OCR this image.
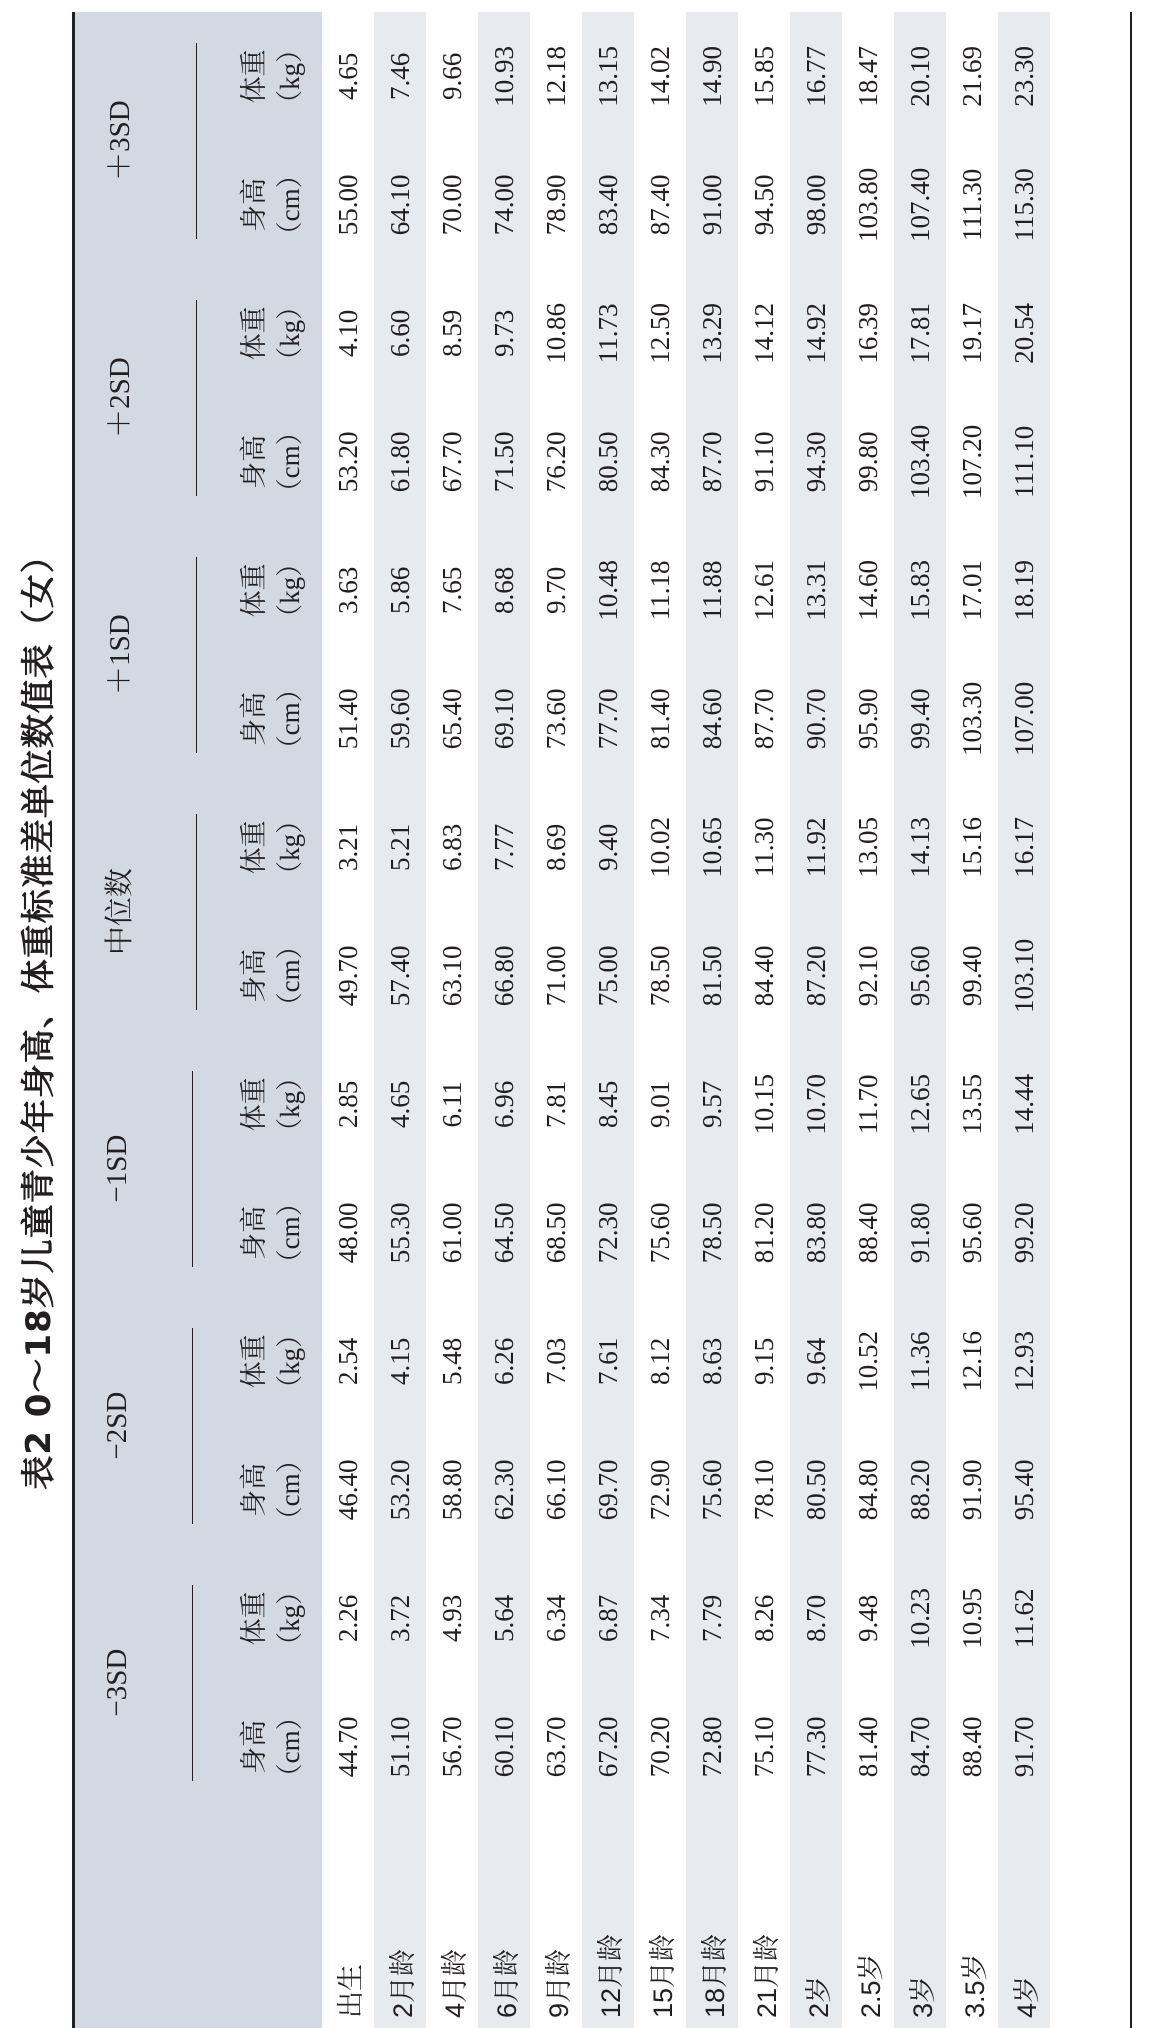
表2 0～18岁儿童青少年身高、体重标准差单位数值表（女）
	−3SD		−2SD		−1SD		中位数		＋1SD		＋2SD		＋3SD	

	身高 （cm）	体重 （kg）	身高 （cm）	体重 （kg）	身高 （cm）	体重 （kg）	身高 （cm）	体重 （kg）	身高 （cm）	体重 （kg）	身高 （cm）	体重 （kg）	身高 （cm）	体重 （kg）

出生	44.70	2.26	46.40	2.54	48.00	2.85	49.70	3.21	51.40	3.63	53.20	4.10	55.00	4.65
2月龄	51.10	3.72	53.20	4.15	55.30	4.65	57.40	5.21	59.60	5.86	61.80	6.60	64.10	7.46
4月龄	56.70	4.93	58.80	5.48	61.00	6.11	63.10	6.83	65.40	7.65	67.70	8.59	70.00	9.66
6月龄	60.10	5.64	62.30	6.26	64.50	6.96	66.80	7.77	69.10	8.68	71.50	9.73	74.00	10.93
9月龄	63.70	6.34	66.10	7.03	68.50	7.81	71.00	8.69	73.60	9.70	76.20	10.86	78.90	12.18
12月龄	67.20	6.87	69.70	7.61	72.30	8.45	75.00	9.40	77.70	10.48	80.50	11.73	83.40	13.15
15月龄	70.20	7.34	72.90	8.12	75.60	9.01	78.50	10.02	81.40	11.18	84.30	12.50	87.40	14.02
18月龄	72.80	7.79	75.60	8.63	78.50	9.57	81.50	10.65	84.60	11.88	87.70	13.29	91.00	14.90
21月龄	75.10	8.26	78.10	9.15	81.20	10.15	84.40	11.30	87.70	12.61	91.10	14.12	94.50	15.85
2岁	77.30	8.70	80.50	9.64	83.80	10.70	87.20	11.92	90.70	13.31	94.30	14.92	98.00	16.77
2.5岁	81.40	9.48	84.80	10.52	88.40	11.70	92.10	13.05	95.90	14.60	99.80	16.39	103.80	18.47
3岁	84.70	10.23	88.20	11.36	91.80	12.65	95.60	14.13	99.40	15.83	103.40	17.81	107.40	20.10
3.5岁	88.40	10.95	91.90	12.16	95.60	13.55	99.40	15.16	103.30	17.01	107.20	19.17	111.30	21.69
4岁	91.70	11.62	95.40	12.93	99.20	14.44	103.10	16.17	107.00	18.19	111.10	20.54	115.30	23.30
